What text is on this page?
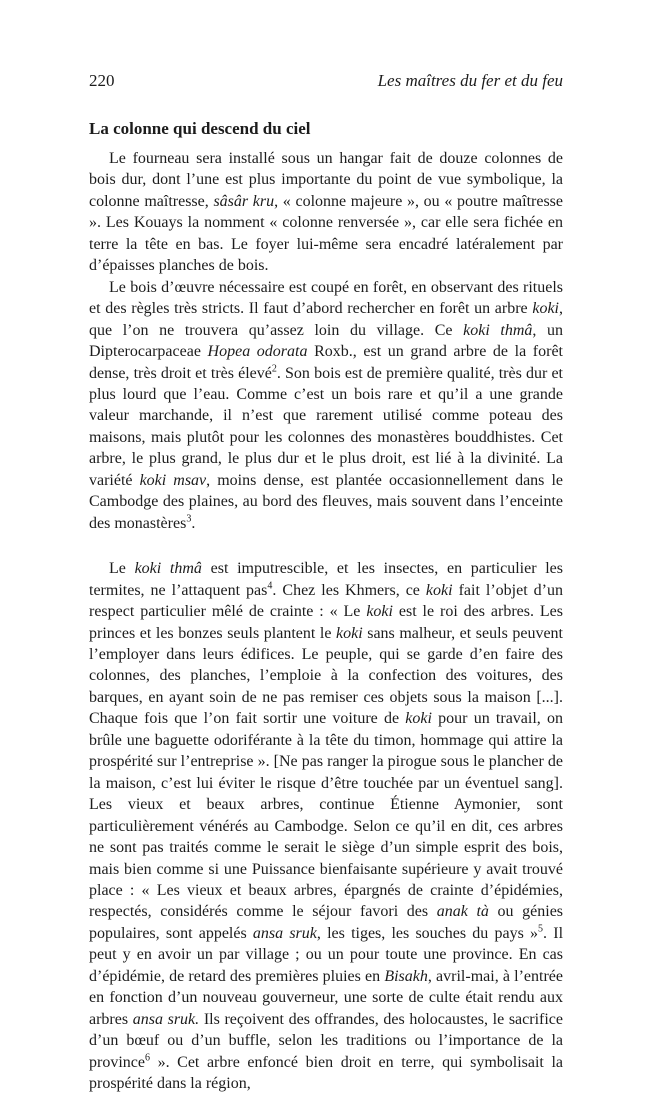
220	Les maîtres du fer et du feu
La colonne qui descend du ciel

Le fourneau sera installé sous un hangar fait de douze colonnes de bois dur, dont l’une est plus importante du point de vue symbolique, la colonne maîtresse, sâsâr kru, « colonne majeure », ou « poutre maîtresse ». Les Kouays la nomment « colonne renversée », car elle sera fichée en terre la tête en bas. Le foyer lui-même sera encadré latéralement par d’épaisses planches de bois.

Le bois d’œuvre nécessaire est coupé en forêt, en observant des rituels et des règles très stricts. Il faut d’abord rechercher en forêt un arbre koki, que l’on ne trouvera qu’assez loin du village. Ce koki thmâ, un Dipterocarpaceae Hopea odorata Roxb., est un grand arbre de la forêt dense, très droit et très élevé$^2$. Son bois est de première qualité, très dur et plus lourd que l’eau. Comme c’est un bois rare et qu’il a une grande valeur marchande, il n’est que rarement utilisé comme poteau des maisons, mais plutôt pour les colonnes des monastères bouddhistes. Cet arbre, le plus grand, le plus dur et le plus droit, est lié à la divinité. La variété koki msav, moins dense, est plantée occasionnellement dans le Cambodge des plaines, au bord des fleuves, mais souvent dans l’enceinte des monastères$^3$.

Le koki thmâ est imputrescible, et les insectes, en particulier les termites, ne l’attaquent pas$^4$. Chez les Khmers, ce koki fait l’objet d’un respect particulier mêlé de crainte : « Le koki est le roi des arbres. Les princes et les bonzes seuls plantent le koki sans malheur, et seuls peuvent l’employer dans leurs édifices. Le peuple, qui se garde d’en faire des colonnes, des planches, l’emploie à la confection des voitures, des barques, en ayant soin de ne pas remiser ces objets sous la maison [...]. Chaque fois que l’on fait sortir une voiture de koki pour un travail, on brûle une baguette odoriférante à la tête du timon, hommage qui attire la prospérité sur l’entreprise ». [Ne pas ranger la pirogue sous le plancher de la maison, c’est lui éviter le risque d’être touchée par un éventuel sang]. Les vieux et beaux arbres, continue Étienne Aymonier, sont particulièrement vénérés au Cambodge. Selon ce qu’il en dit, ces arbres ne sont pas traités comme le serait le siège d’un simple esprit des bois, mais bien comme si une Puissance bienfaisante supérieure y avait trouvé place : « Les vieux et beaux arbres, épargnés de crainte d’épidémies, respectés, considérés comme le séjour favori des anak tà ou génies populaires, sont appelés ansa sruk, les tiges, les souches du pays »$^5$. Il peut y en avoir un par village ; ou un pour toute une province. En cas d’épidémie, de retard des premières pluies en Bisakh, avril-mai, à l’entrée en fonction d’un nouveau gouverneur, une sorte de culte était rendu aux arbres ansa sruk. Ils reçoivent des offrandes, des holocaustes, le sacrifice d’un bœuf ou d’un buffle, selon les traditions ou l’importance de la province$^6$ ». Cet arbre enfoncé bien droit en terre, qui symbolisait la prospérité dans la région,
